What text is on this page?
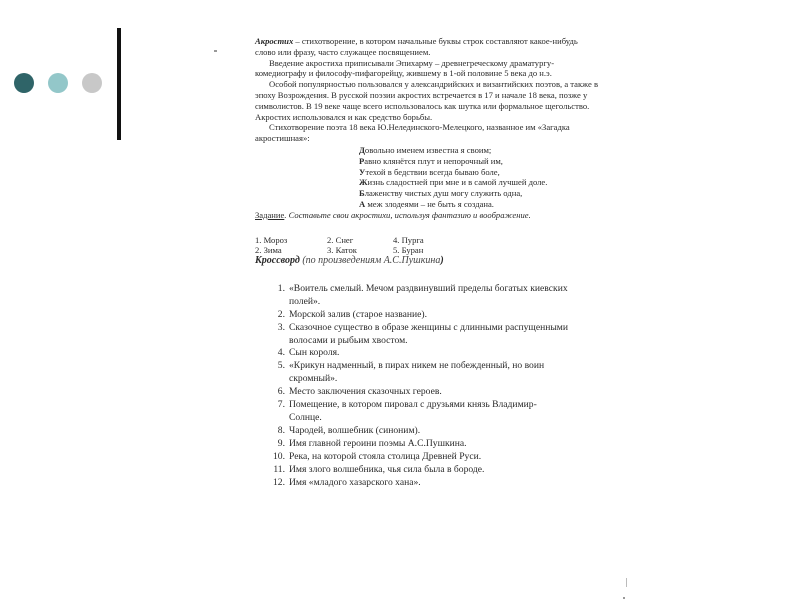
Акростих – стихотворение, в котором начальные буквы строк составляют какое-нибудь слово или фразу, часто служащее посвящением.

Введение акростиха приписывали Эпихарму – древнегреческому драматургу-комедиографу и философу-пифагорейцу, жившему в 1-ой половине 5 века до н.э.

Особой популярностью пользовался у александрийских и византийских поэтов, а также в эпоху Возрождения. В русской поэзии акростих встречается в 17 и начале 18 века, позже у символистов. В 19 веке чаще всего использовалось как шутка или формальное щегольство. Акростих использовался и как средство борьбы.

Стихотворение поэта 18 века Ю.Нелединского-Мелецкого, названное им «Загадка акростишная»:

Довольно именем известна я своим;
Равно клянётся плут и непорочный им,
Утехой в бедствии всегда бываю боле,
Жизнь сладостней при мне и в самой лучшей доле.
Блаженству чистых душ могу служить одна,
А меж злодеями – не быть я создана.

Задание. Составьте свои акростихи, используя фантазию и воображение.

1. Мороз	2. Снег	4. Пурга
2. Зима	3. Каток	5. Буран

Кроссворд (по произведениям А.С.Пушкина)

1. «Воитель смелый. Мечом раздвинувший пределы богатых киевских полей».
2. Морской залив (старое название).
3. Сказочное существо в образе женщины с длинными распущенными волосами и рыбьим хвостом.
4. Сын короля.
5. «Крикун надменный, в пирах никем не побежденный, но воин скромный».
6. Место заключения сказочных героев.
7. Помещение, в котором пировал с друзьями князь Владимир-Солнце.
8. Чародей, волшебник (синоним).
9. Имя главной героини поэмы А.С.Пушкина.
10. Река, на которой стояла столица Древней Руси.
11. Имя злого волшебника, чья сила была в бороде.
12. Имя «младого хазарского хана».
